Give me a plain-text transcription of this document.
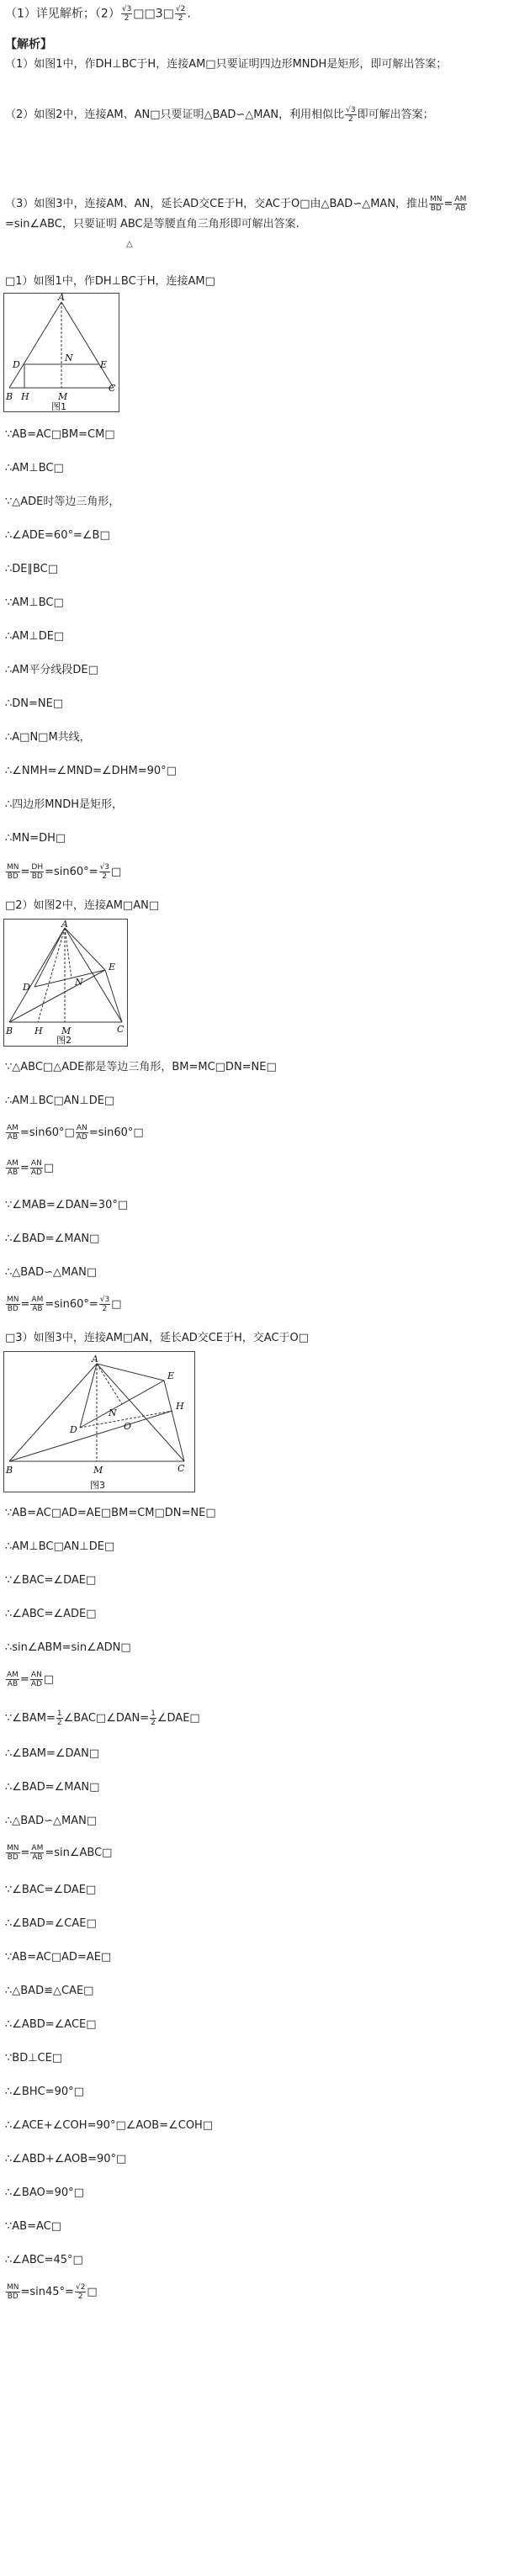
（1）详见解析；$(2) \frac{√3}{2}$ □□3□ $\frac{√2}{2}$ .
【解析】
（1）如图1中，作DH⊥BC于H，连接AM□只要证明四边形MNDH是矩形，即可解出答案；
（2）如图2中，连接AM、AN□只要证明△BAD∽△MAN，利用相似比 $\frac{√3}{2}$ 即可解出答案；
（3）如图3中，连接AM、AN，延长AD交CE于H，交AC于O□由△BAD∽△MAN，推出 $\frac{MN}{BD} = \frac{AM}{AB}$
=sin∠ABC，只要证明 ABC是等腰直角三角形即可解出答案.
△
□1）如图1中，作DH⊥BC于H，连接AM□
A
D
N
E
B H	M
C
图1
∵AB=AC□BM=CM□
∴AM⊥BC□
∵△ADE时等边三角形，
∴∠ADE=60°=∠B□
∴DE∥BC□
∵AM⊥BC□
∴AM⊥DE□
∴AM平分线段DE□
∴DN=NE□
∴A□N□M共线，
∴∠NMH=∠MND=∠DHM=90°□
∴四边形MNDH是矩形，
∴MN=DH□
$\frac{MN}{BD} = \frac{DH}{BD} =\sin 60^\circ= \frac{√3}{2}$ □
□2）如图2中，连接AM□AN□
A
D	N
E
B H M	C
图2
∵△ABC□△ADE都是等边三角形，BM=MC□DN=NE□
∴AM⊥BC□AN⊥DE□
$\frac{AM}{AB}$ =sin60°□ $\frac{AN}{AD}$ =sin60°□
$\frac{AM}{AB} = \frac{AN}{AD}$ □
∵∠MAB=∠DAN=30°□
∴∠BAD=∠MAN□
∴△BAD∽△MAN□
$\frac{MN}{BD} = \frac{AM}{AB} =\sin 60^\circ= \frac{√3}{2}$ □
□3）如图3中，连接AM□AN，延长AD交CE于H，交AC于O□
A
E
D
N
H
O
B	M	C
图3
∵AB=AC□AD=AE□BM=CM□DN=NE□
∴AM⊥BC□AN⊥DE□
∵∠BAC=∠DAE□
∴∠ABC=∠ADE□
∴sin∠ABM=sin∠ADN□
$\frac{AM}{AB} = \frac{AN}{AD}$ □
∵∠BAM= $\frac{1}{2}$ ∠BAC□∠DAN= $\frac{1}{2}$ ∠DAE□
∴∠BAM=∠DAN□
∴∠BAD=∠MAN□
∴△BAD∽△MAN□
$\frac{MN}{BD} = \frac{AM}{AB}$ =sin∠ABC□
∵∠BAC=∠DAE□
∴∠BAD=∠CAE□
∵AB=AC□AD=AE□
∴△BAD≌△CAE□
∴∠ABD=∠ACE□
∵BD⊥CE□
∴∠BHC=90°□
∴∠ACE+∠COH=90°□∠AOB=∠COH□
∴∠ABD+∠AOB=90°□
∴∠BAO=90°□
∵AB=AC□
∴∠ABC=45°□
$\frac{MN}{BD} =\sin 45^\circ= \frac{√2}{2}$ □
